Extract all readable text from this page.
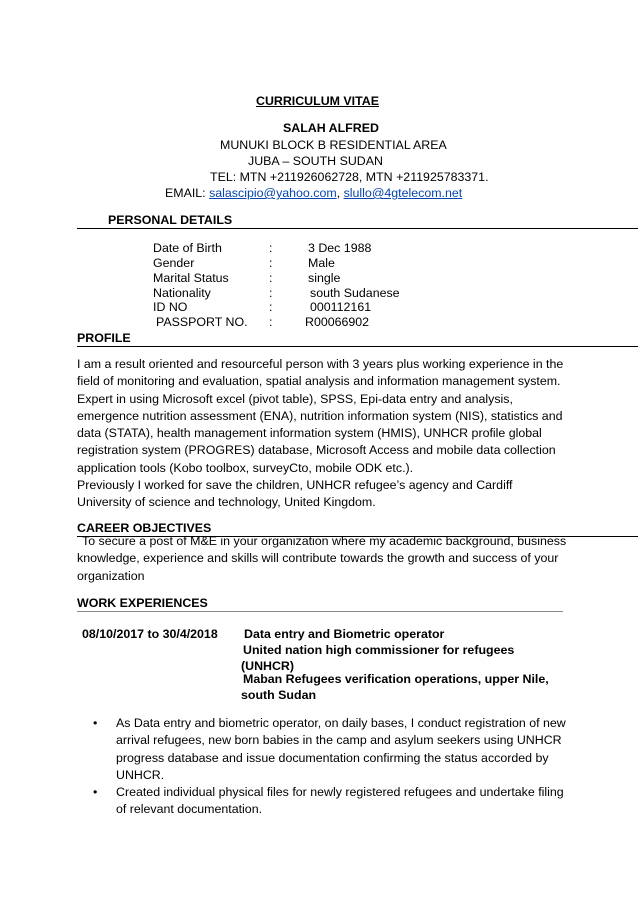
CURRICULUM VITAE
SALAH ALFRED
MUNUKI BLOCK B RESIDENTIAL AREA
JUBA – SOUTH SUDAN
TEL: MTN +211926062728, MTN +211925783371.
EMAIL: salascipio@yahoo.com, slullo@4gtelecom.net
PERSONAL DETAILS
Date of Birth	:	3 Dec 1988
Gender	:	Male
Marital Status	:	single
Nationality	:	south Sudanese
ID NO	:	000112161
PASSPORT NO. :	R00066902
PROFILE
I am a result oriented and resourceful person with 3 years plus working experience in the field of monitoring and evaluation, spatial analysis and information management system.
Expert in using Microsoft excel (pivot table), SPSS, Epi-data entry and analysis, emergence nutrition assessment (ENA), nutrition information system (NIS), statistics and data (STATA), health management information system (HMIS), UNHCR profile global registration system (PROGRES) database, Microsoft Access and mobile data collection application tools (Kobo toolbox, surveyCto, mobile ODK etc.).
Previously I worked for save the children, UNHCR refugee’s agency and Cardiff University of science and technology, United Kingdom.
CAREER OBJECTIVES
To secure a post of M&E in your organization where my academic background, business knowledge, experience and skills will contribute towards the growth and success of your organization
WORK EXPERIENCES
08/10/2017 to 30/4/2018 Data entry and Biometric operator
United nation high commissioner for refugees
(UNHCR)
Maban Refugees verification operations, upper Nile,
south Sudan
• As Data entry and biometric operator, on daily bases, I conduct registration of new arrival refugees, new born babies in the camp and asylum seekers using UNHCR progress database and issue documentation confirming the status accorded by UNHCR.
• Created individual physical files for newly registered refugees and undertake filing of relevant documentation.
